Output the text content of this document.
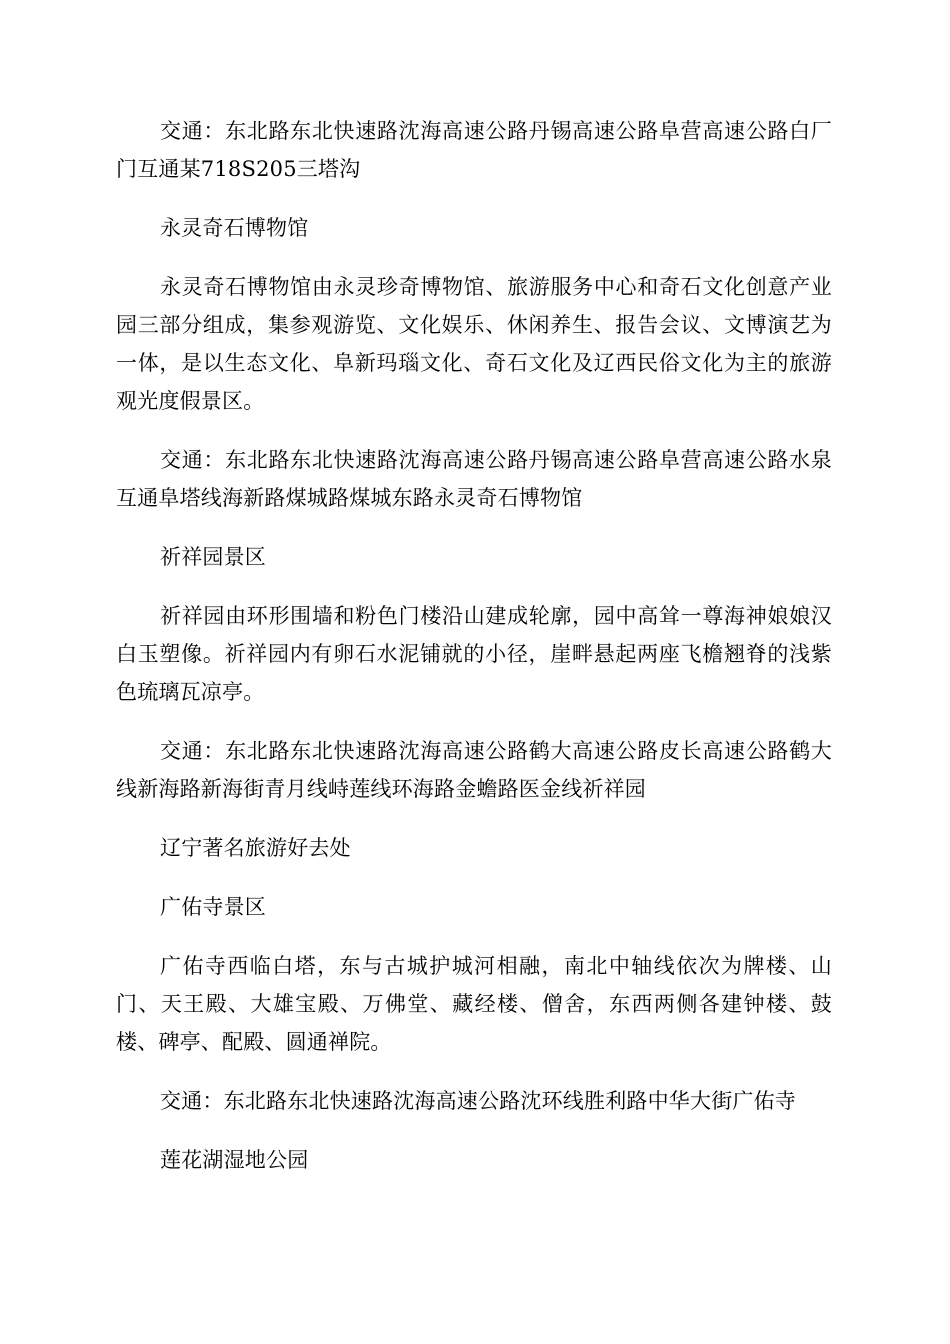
交通：东北路东北快速路沈海高速公路丹锡高速公路阜营高速公路白厂门互通某718S205三塔沟

永灵奇石博物馆

永灵奇石博物馆由永灵珍奇博物馆、旅游服务中心和奇石文化创意产业园三部分组成，集参观游览、文化娱乐、休闲养生、报告会议、文博演艺为一体，是以生态文化、阜新玛瑙文化、奇石文化及辽西民俗文化为主的旅游观光度假景区。

交通：东北路东北快速路沈海高速公路丹锡高速公路阜营高速公路水泉互通阜塔线海新路煤城路煤城东路永灵奇石博物馆

祈祥园景区

祈祥园由环形围墙和粉色门楼沿山建成轮廓，园中高耸一尊海神娘娘汉白玉塑像。祈祥园内有卵石水泥铺就的小径，崖畔悬起两座飞檐翘脊的浅紫色琉璃瓦凉亭。

交通：东北路东北快速路沈海高速公路鹤大高速公路皮长高速公路鹤大线新海路新海街青月线峙莲线环海路金蟾路医金线祈祥园

辽宁著名旅游好去处

广佑寺景区

广佑寺西临白塔，东与古城护城河相融，南北中轴线依次为牌楼、山门、天王殿、大雄宝殿、万佛堂、藏经楼、僧舍，东西两侧各建钟楼、鼓楼、碑亭、配殿、圆通禅院。

交通：东北路东北快速路沈海高速公路沈环线胜利路中华大街广佑寺

莲花湖湿地公园
